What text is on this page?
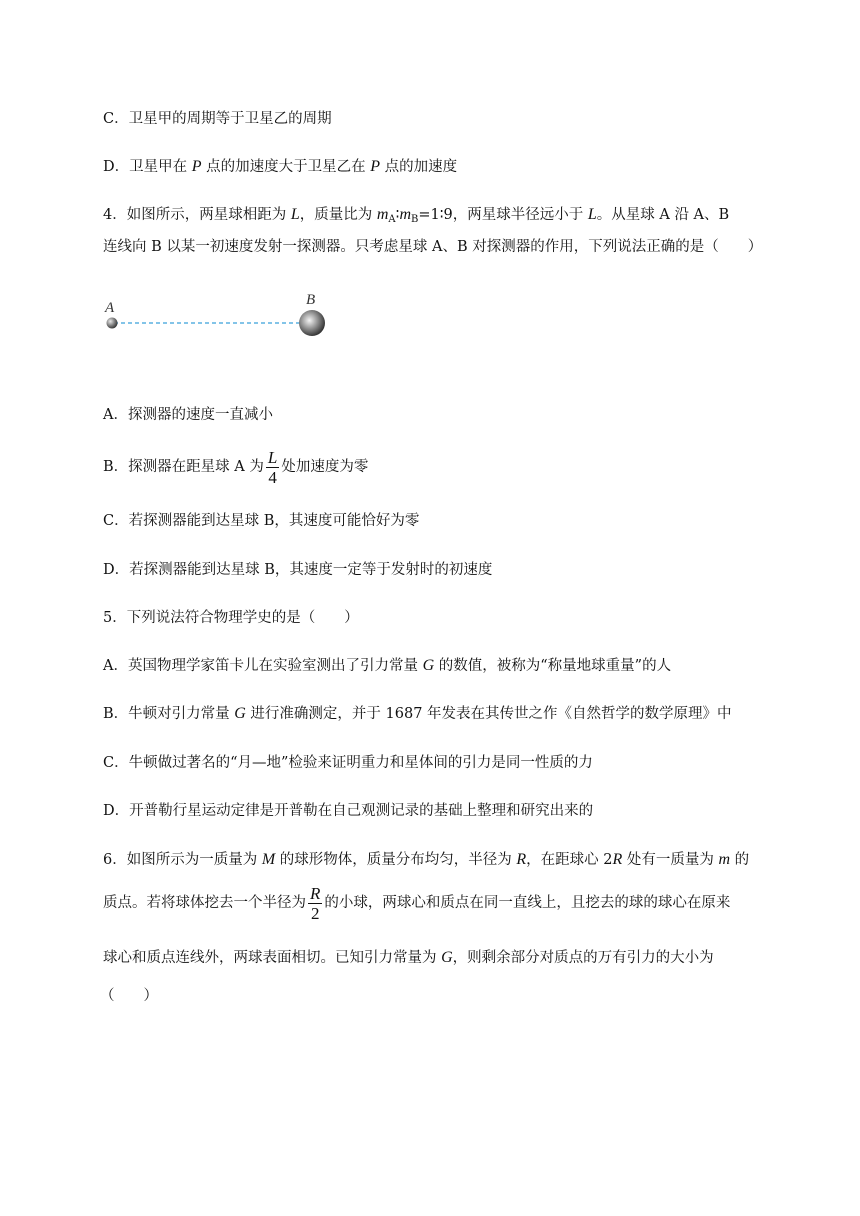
C．卫星甲的周期等于卫星乙的周期
D．卫星甲在 P 点的加速度大于卫星乙在 P 点的加速度
4．如图所示，两星球相距为 L，质量比为 $m_A∶m_B=1∶9$，两星球半径远小于 L。从星球 A 沿 A、B
连线向 B 以某一初速度发射一探测器。只考虑星球 A、B 对探测器的作用，下列说法正确的是（　　）
A	B
A．探测器的速度一直减小
B．探测器在距星球 A 为 $\frac{L}{4}$ 处加速度为零
C．若探测器能到达星球 B，其速度可能恰好为零
D．若探测器能到达星球 B，其速度一定等于发射时的初速度
5．下列说法符合物理学史的是（　　）
A．英国物理学家笛卡儿在实验室测出了引力常量 G 的数值，被称为“称量地球重量”的人
B．牛顿对引力常量 G 进行准确测定，并于 1687 年发表在其传世之作《自然哲学的数学原理》中
C．牛顿做过著名的“月—地”检验来证明重力和星体间的引力是同一性质的力
D．开普勒行星运动定律是开普勒在自己观测记录的基础上整理和研究出来的
6．如图所示为一质量为 M 的球形物体，质量分布均匀，半径为 R，在距球心 2R 处有一质量为 m 的
质点。若将球体挖去一个半径为 $\frac{R}{2}$ 的小球，两球心和质点在同一直线上，且挖去的球的球心在原来
球心和质点连线外，两球表面相切。已知引力常量为 G，则剩余部分对质点的万有引力的大小为
（　　）
